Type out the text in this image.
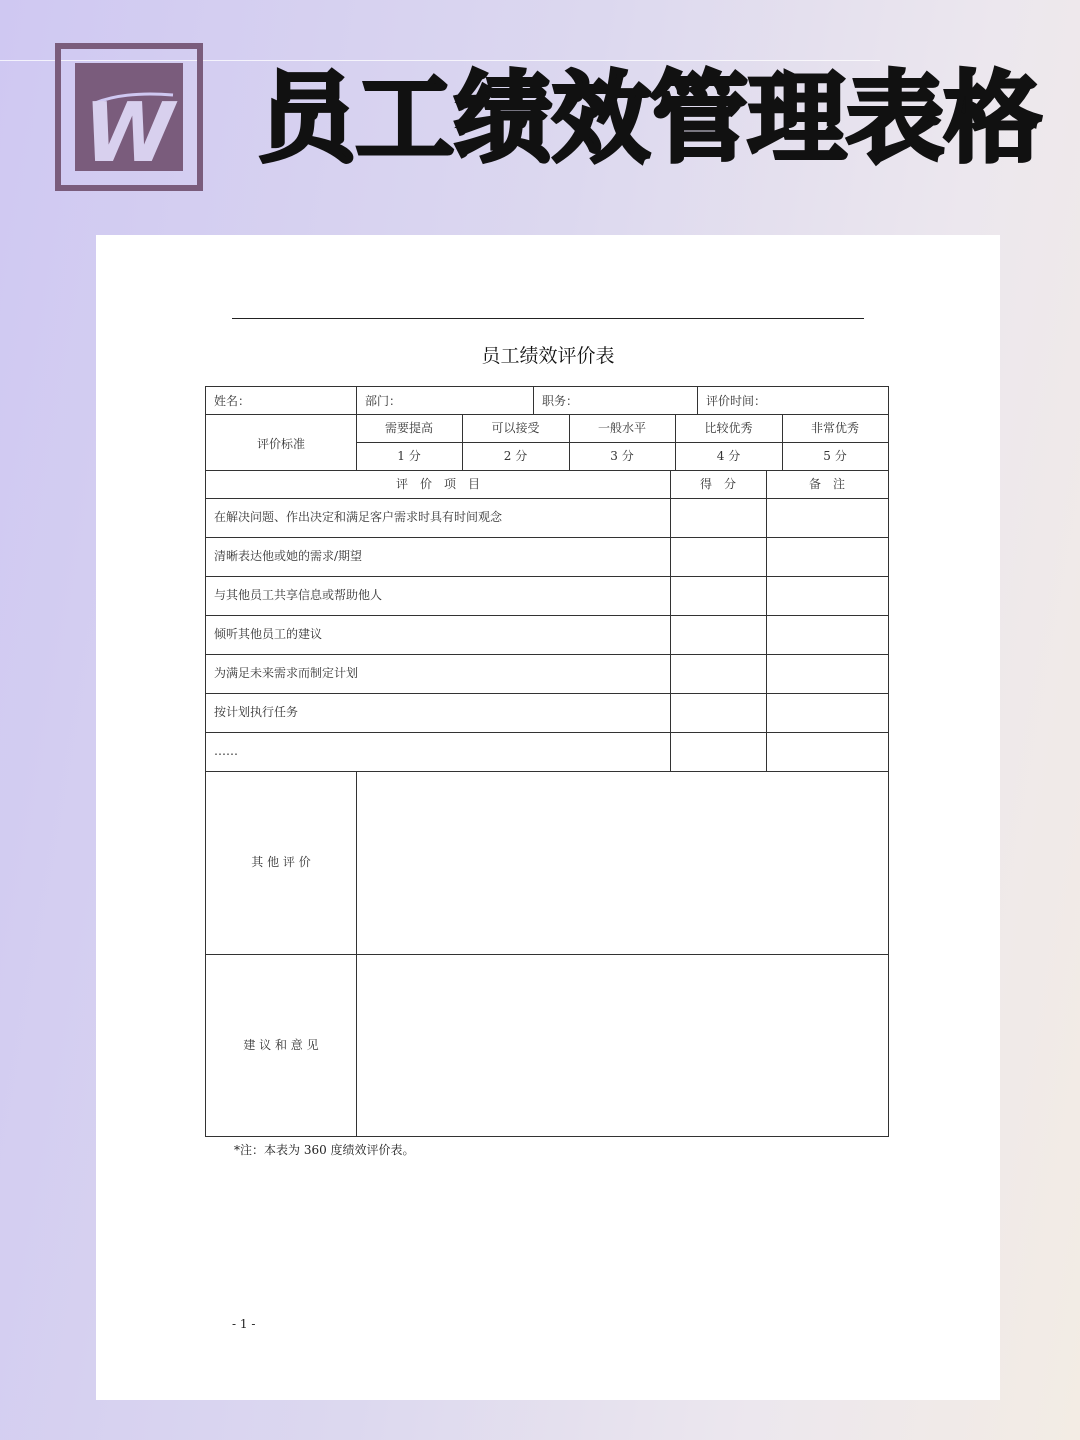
W 员工绩效管理表格
员工绩效评价表
姓名：	部门：	职务：	评价时间：
评价标准
需要提高	可以接受	一般水平	比较优秀	非常优秀
1 分	2 分	3 分	4 分	5 分
评　价　项　目	得　分	备　注
在解决问题、作出决定和满足客户需求时具有时间观念
清晰表达他或她的需求/期望
与其他员工共享信息或帮助他人
倾听其他员工的建议
为满足未来需求而制定计划
按计划执行任务
……
其 他 评 价
建 议 和 意 见
*注：本表为 360 度绩效评价表。
- 1 -
